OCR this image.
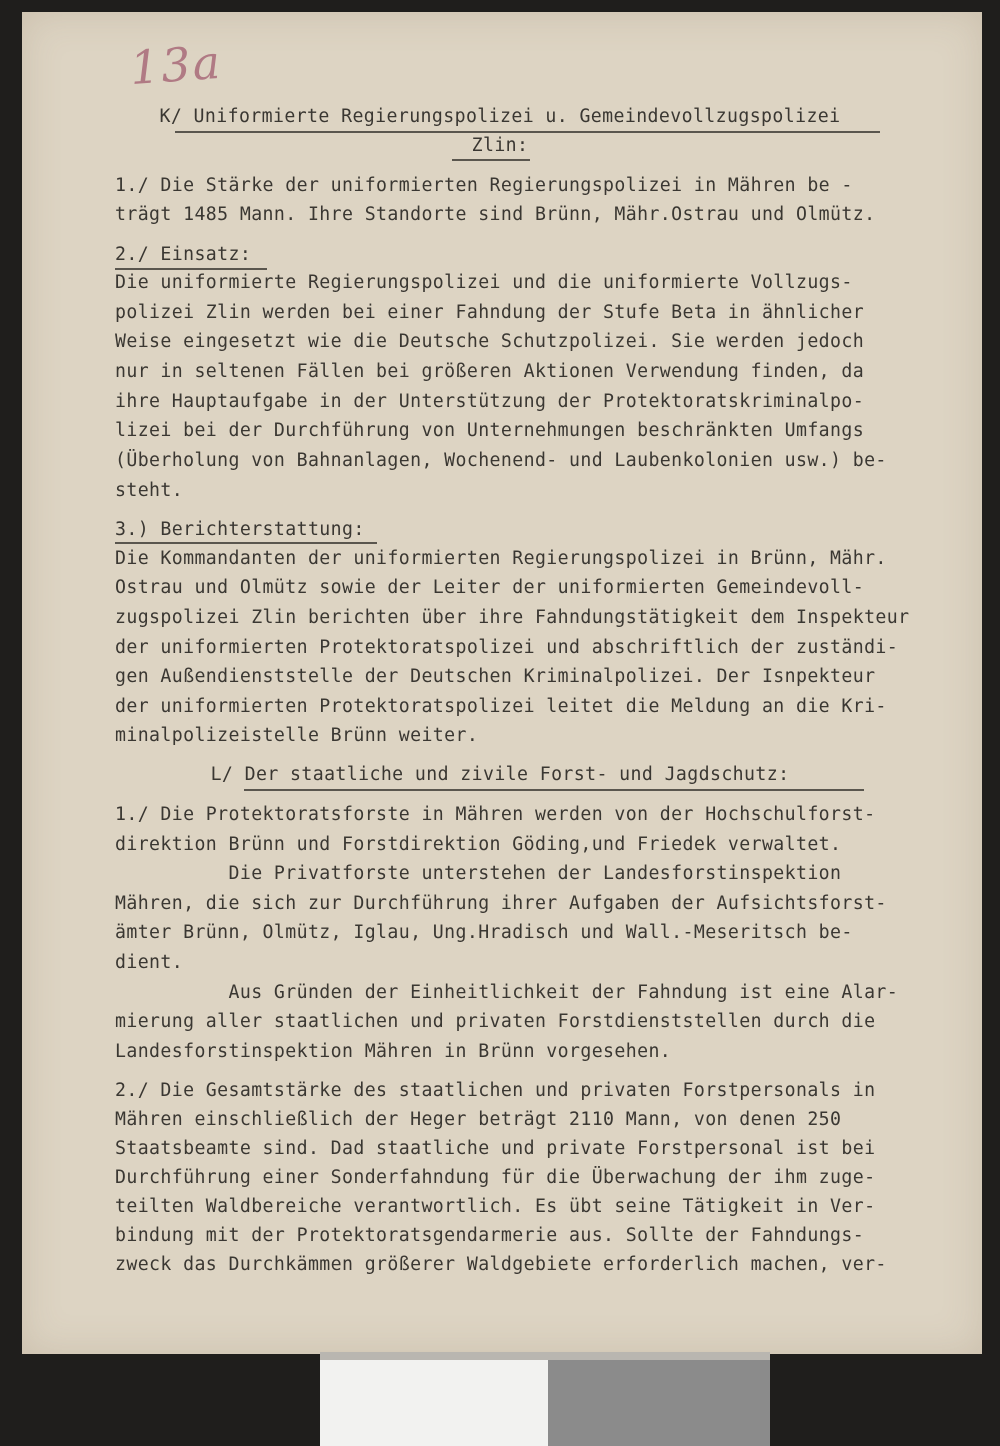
13a
K/ Uniformierte Regierungspolizei u. Gemeindevollzugspolizei
Zlin:
1./ Die Stärke der uniformierten Regierungspolizei in Mähren be -
trägt 1485 Mann. Ihre Standorte sind Brünn, Mähr.Ostrau und Olmütz.
2./ Einsatz:
Die uniformierte Regierungspolizei und die uniformierte Vollzugs-
polizei Zlin werden bei einer Fahndung der Stufe Beta in ähnlicher
Weise eingesetzt wie die Deutsche Schutzpolizei. Sie werden jedoch
nur in seltenen Fällen bei größeren Aktionen Verwendung finden, da
ihre Hauptaufgabe in der Unterstützung der Protektoratskriminalpo-
lizei bei der Durchführung von Unternehmungen beschränkten Umfangs
(Überholung von Bahnanlagen, Wochenend- und Laubenkolonien usw.) be-
steht.
3.) Berichterstattung:
Die Kommandanten der uniformierten Regierungspolizei in Brünn, Mähr.
Ostrau und Olmütz sowie der Leiter der uniformierten Gemeindevoll-
zugspolizei Zlin berichten über ihre Fahndungstätigkeit dem Inspekteur
der uniformierten Protektoratspolizei und abschriftlich der zuständi-
gen Außendienststelle der Deutschen Kriminalpolizei. Der Isnpekteur
der uniformierten Protektoratspolizei leitet die Meldung an die Kri-
minalpolizeistelle Brünn weiter.
L/ Der staatliche und zivile Forst- und Jagdschutz:
1./ Die Protektoratsforste in Mähren werden von der Hochschulforst-
direktion Brünn und Forstdirektion Göding,und Friedek verwaltet.
Die Privatforste unterstehen der Landesforstinspektion
Mähren, die sich zur Durchführung ihrer Aufgaben der Aufsichtsforst-
ämter Brünn, Olmütz, Iglau, Ung.Hradisch und Wall.-Meseritsch be-
dient.
Aus Gründen der Einheitlichkeit der Fahndung ist eine Alar-
mierung aller staatlichen und privaten Forstdienststellen durch die
Landesforstinspektion Mähren in Brünn vorgesehen.
2./ Die Gesamtstärke des staatlichen und privaten Forstpersonals in
Mähren einschließlich der Heger beträgt 2110 Mann, von denen 250
Staatsbeamte sind. Dad staatliche und private Forstpersonal ist bei
Durchführung einer Sonderfahndung für die Überwachung der ihm zuge-
teilten Waldbereiche verantwortlich. Es übt seine Tätigkeit in Ver-
bindung mit der Protektoratsgendarmerie aus. Sollte der Fahndungs-
zweck das Durchkämmen größerer Waldgebiete erforderlich machen, ver-
